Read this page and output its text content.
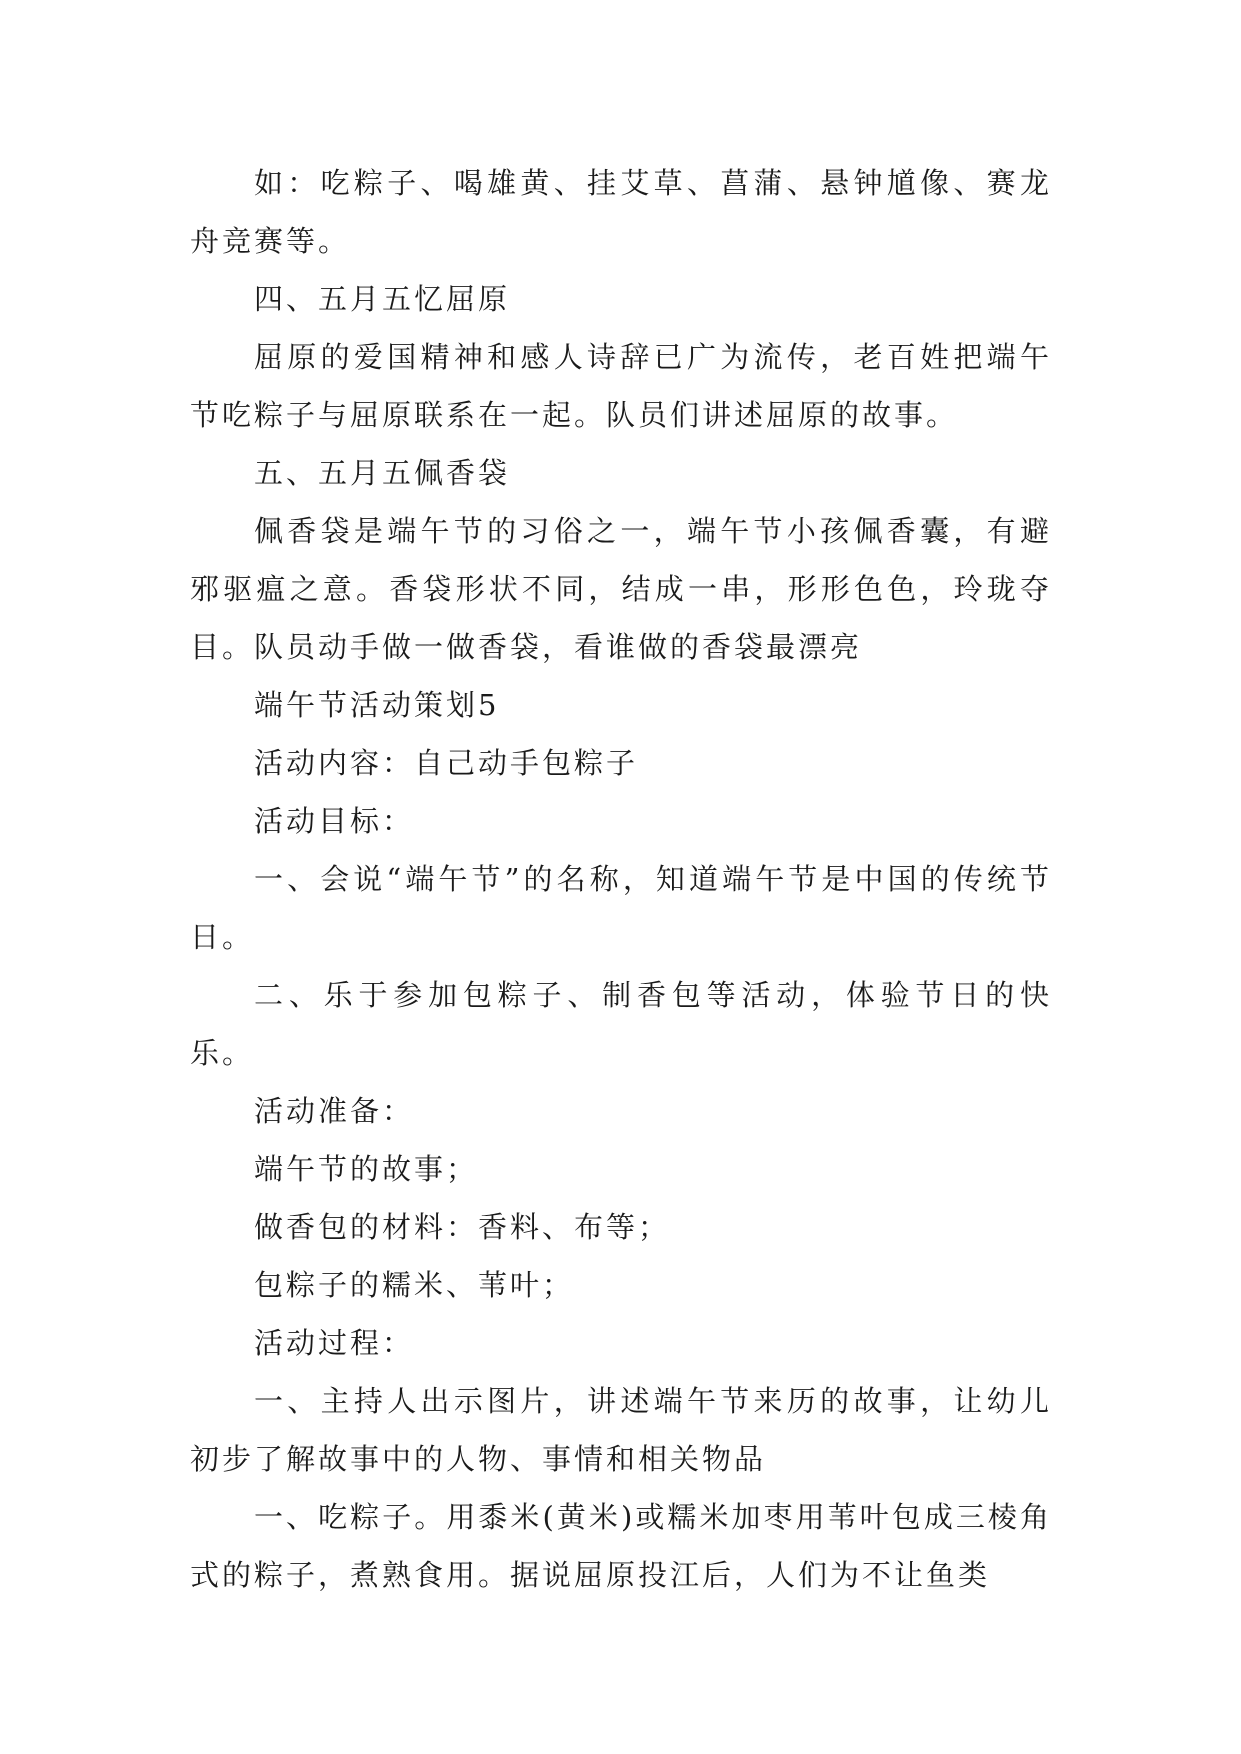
如：吃粽子、喝雄黄、挂艾草、菖蒲、悬钟馗像、赛龙舟竞赛等。

四、五月五忆屈原

屈原的爱国精神和感人诗辞已广为流传，老百姓把端午节吃粽子与屈原联系在一起。队员们讲述屈原的故事。

五、五月五佩香袋

佩香袋是端午节的习俗之一，端午节小孩佩香囊，有避邪驱瘟之意。香袋形状不同，结成一串，形形色色，玲珑夺目。队员动手做一做香袋，看谁做的香袋最漂亮

端午节活动策划5

活动内容：自己动手包粽子

活动目标：

一、会说“端午节”的名称，知道端午节是中国的传统节日。

二、乐于参加包粽子、制香包等活动，体验节日的快乐。

活动准备：

端午节的故事；

做香包的材料：香料、布等；

包粽子的糯米、苇叶；

活动过程：

一、主持人出示图片，讲述端午节来历的故事，让幼儿初步了解故事中的人物、事情和相关物品

一、吃粽子。用黍米(黄米)或糯米加枣用苇叶包成三棱角式的粽子，煮熟食用。据说屈原投江后，人们为不让鱼类
